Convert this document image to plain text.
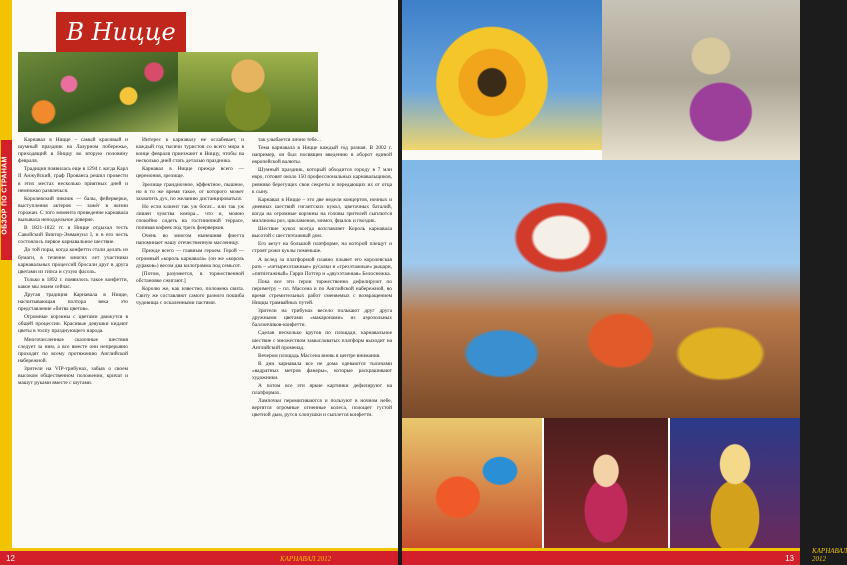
ОБЗОР ПО СТРАНАМ
В Ницце

Карнавал в Ницце – самый красивый и шумный праздник на Лазурном побережье, приходящий в Ниццу во вторую половину февраля.

Традиция появилась еще в 1294 г. когда Карл II Анжуйский, граф Прованса решил провести в этих местах несколько приятных дней и немножко развлечься.

Королевский пикник — балы, фейерверки, выступления актеров — зажёг в жизни горожан. С того момента проведение карнавала вызывала неподдельное доверие.

В 1821-1822 гг. в Ницце отдыхал тесть Савойский Виктор-Эммануил I, и в его честь состоялось первое карнавальное шествие.

До той поры, когда конфетти стали делать из бумаги, в течение многих лет участники карнавальных процессий бросали друг в друга цветами из гипса и сухую фасоль.

Только в 1892 г. появилось такое конфетти, какое мы знаем сейчас.

Другая традиция Карнавала в Ницце, насчитывающая полтора века это представление «битва цветов».

Огромные корзины с цветами движутся в общей процессии. Красивые девушки кидают цветы в толпу празднующего народа.

Многочисленные сказочные шествия следует за ним, а все вместе они непрерывно проходят по всему протяжению Английской набережной.

Зрители на VIP-трибунах, забыв о своем высоком общественном положении, кричат и машут руками вместе с шутами.

Интерес к карнавалу не ослабевает, и каждый год тысячи туристов со всего мира в конце февраля приезжают в Ниццу, чтобы на несколько дней стать деталью праздника.

Карнавал в Ницце прежде всего — церемония, зрелище.

Зрелище грандиозное, эффектное, пышное, но в то же время такое, от которого может захватить дух, по желанию дистанцироваться.

Но если клиент так уж богат... или так уж лишен чувства юмора... что и, можно спокойно сидеть на гостиничной террасе, попивая кофеек под треск феерверков.

Очень во многом нынешняя фиеста напоминает нашу отечественную масленицу.

Прежде всего — главным героем. Герой — огромный «король карнавала» (он же «король дураков») весом два килограмма под семьсот.

[Потом, разумеется, в торжественной обстановке сжигают.]

Королю же, как известно, положена свита. Свиту же составляют самого разного пошиба чудовища с оскаленными пастями.

так улыбается лично тебе...

Тема карнавала в Ницце каждый год разная. В 2002 г. например, он был посвящен введению в оборот единой европейской валюты.

Шумный праздник, который обходится городу в 7 млн евро, готовят около 150 профессиональных карнавальщиков, ревниво берегущих свои секреты и передающих их от отца к сыну.

Карнавал в Ницце – это две недели концертов, ночных и дневных шествий гигантских кукол, цветочных баталий, когда на огромные корзины на головы зрителей сыплются миллионы роз, цикламенов, мимоз, фиалок и гвоздик.

Шествие кукол всегда возглавляет Король карнавала высотой с шестиэтажный дом.

Его везут на большой платформе, на которой плещут и строят рожи куклы поменьше.

А вслед за платформой плавно плывет его королевская рать – «четырехэтажные» русалки и «трехэтажные» рыцари, «пятиэтажный» Гарри Поттер и «двухэтажная» Белоснежка.

Пока все эти герои торжественно дефилируют по периметру – пл. Массена и по Английской набережной, во время стремительных работ сменяемых с возвращением Ниццы трамвайных путей.

Зрители на трибунах весело полькают друг друга дружными цветами «макаронами» из аэрозольных баллончиков-конфетти.

Сделав несколько кругов по площади, карнавальное шествие с множеством замысловатых платформ выходит на Английский променад.

Вечером площадь Массена вновь в центре внимания.

В дни карнавала все не дома одеваются тысячами «вадратных метров фанеры», которые раскрашивают художники.

А потом все эти яркие картинки дефилируют на платформах.

Лампочки перемигиваются и пользуют в ночном небе, вертятся огромные огненные колеса, полощет густой цветной дым, рутся хлопушки и сыплется конфетти.

12	КАРНАВАЛ 2012
КАРНАВАЛ 2012
13
